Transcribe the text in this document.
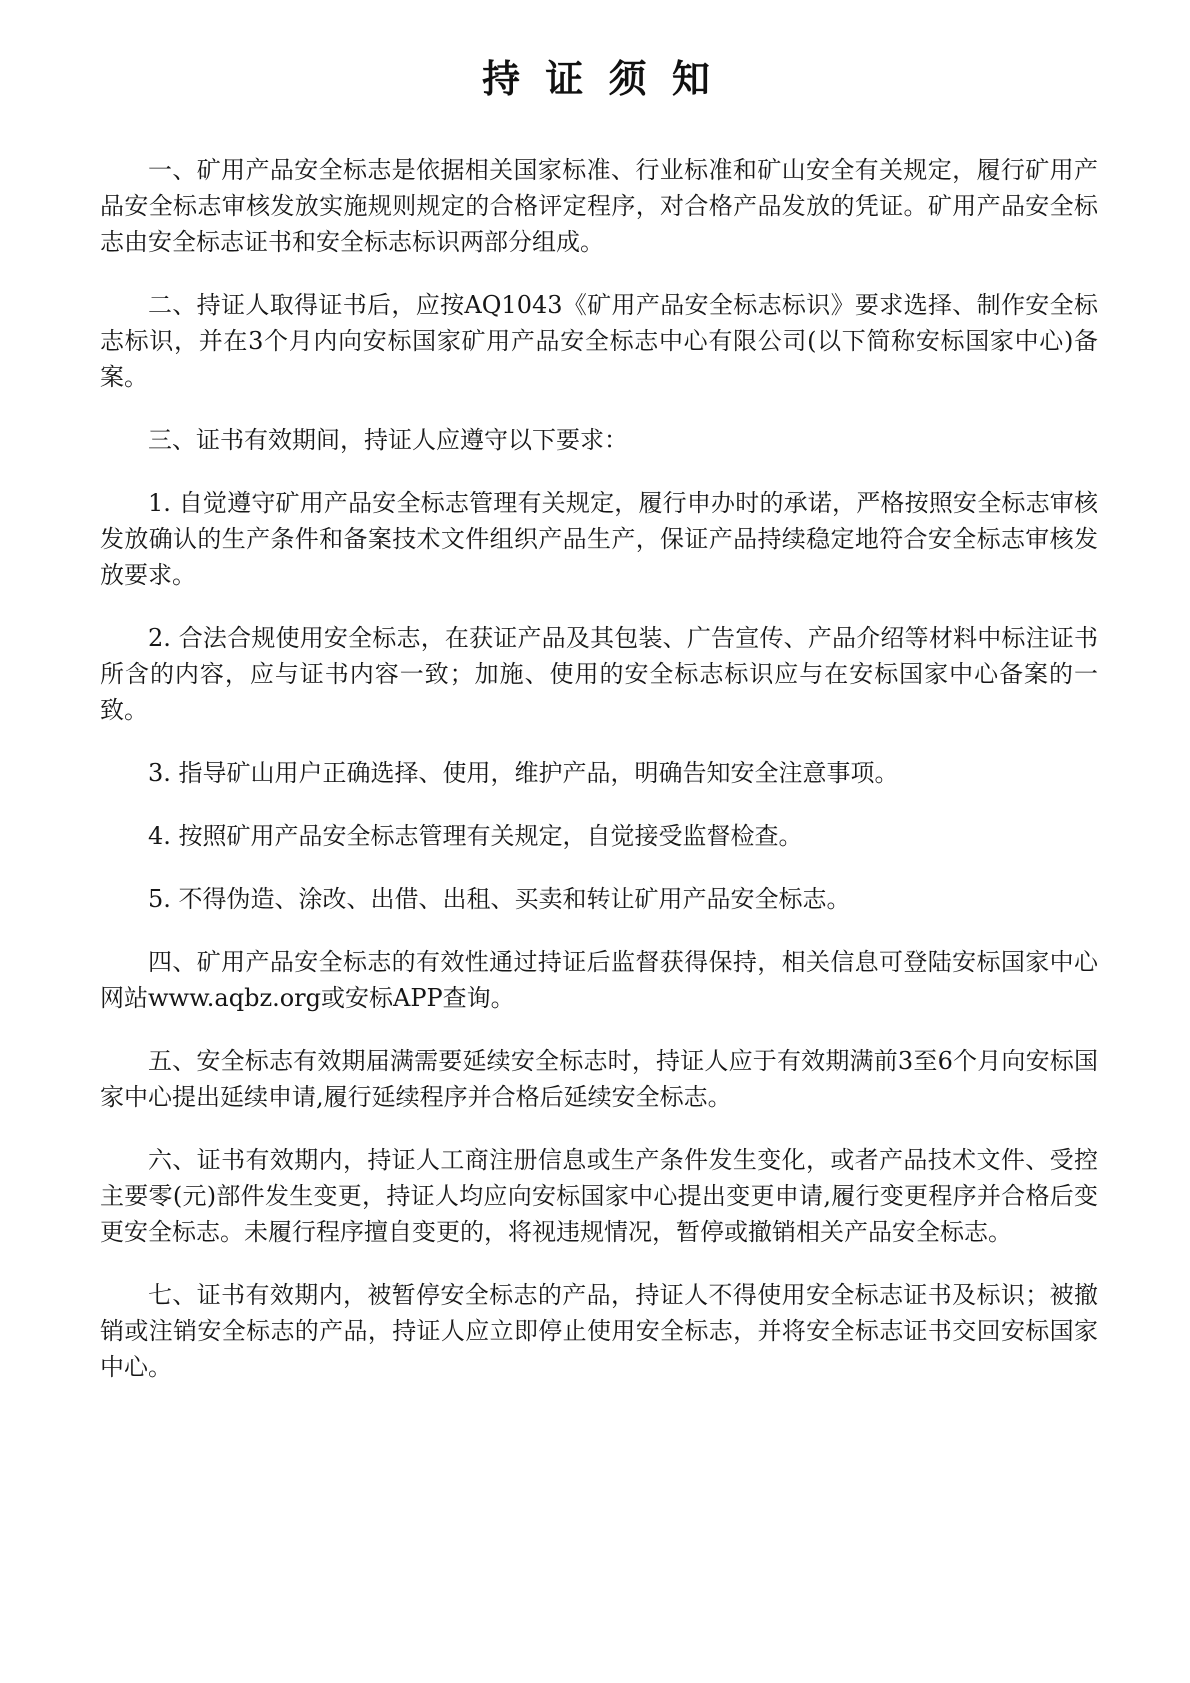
持 证 须 知

一、矿用产品安全标志是依据相关国家标准、行业标准和矿山安全有关规定，履行矿用产品安全标志审核发放实施规则规定的合格评定程序，对合格产品发放的凭证。矿用产品安全标志由安全标志证书和安全标志标识两部分组成。

二、持证人取得证书后，应按AQ1043《矿用产品安全标志标识》要求选择、制作安全标志标识，并在3个月内向安标国家矿用产品安全标志中心有限公司(以下简称安标国家中心)备案。

三、证书有效期间，持证人应遵守以下要求：

1. 自觉遵守矿用产品安全标志管理有关规定，履行申办时的承诺，严格按照安全标志审核发放确认的生产条件和备案技术文件组织产品生产，保证产品持续稳定地符合安全标志审核发放要求。

2. 合法合规使用安全标志，在获证产品及其包装、广告宣传、产品介绍等材料中标注证书所含的内容，应与证书内容一致；加施、使用的安全标志标识应与在安标国家中心备案的一致。

3. 指导矿山用户正确选择、使用，维护产品，明确告知安全注意事项。

4. 按照矿用产品安全标志管理有关规定，自觉接受监督检查。

5. 不得伪造、涂改、出借、出租、买卖和转让矿用产品安全标志。

四、矿用产品安全标志的有效性通过持证后监督获得保持，相关信息可登陆安标国家中心网站www.aqbz.org或安标APP查询。

五、安全标志有效期届满需要延续安全标志时，持证人应于有效期满前3至6个月向安标国家中心提出延续申请,履行延续程序并合格后延续安全标志。

六、证书有效期内，持证人工商注册信息或生产条件发生变化，或者产品技术文件、受控主要零(元)部件发生变更，持证人均应向安标国家中心提出变更申请,履行变更程序并合格后变更安全标志。未履行程序擅自变更的，将视违规情况，暂停或撤销相关产品安全标志。

七、证书有效期内，被暂停安全标志的产品，持证人不得使用安全标志证书及标识；被撤销或注销安全标志的产品，持证人应立即停止使用安全标志，并将安全标志证书交回安标国家中心。
